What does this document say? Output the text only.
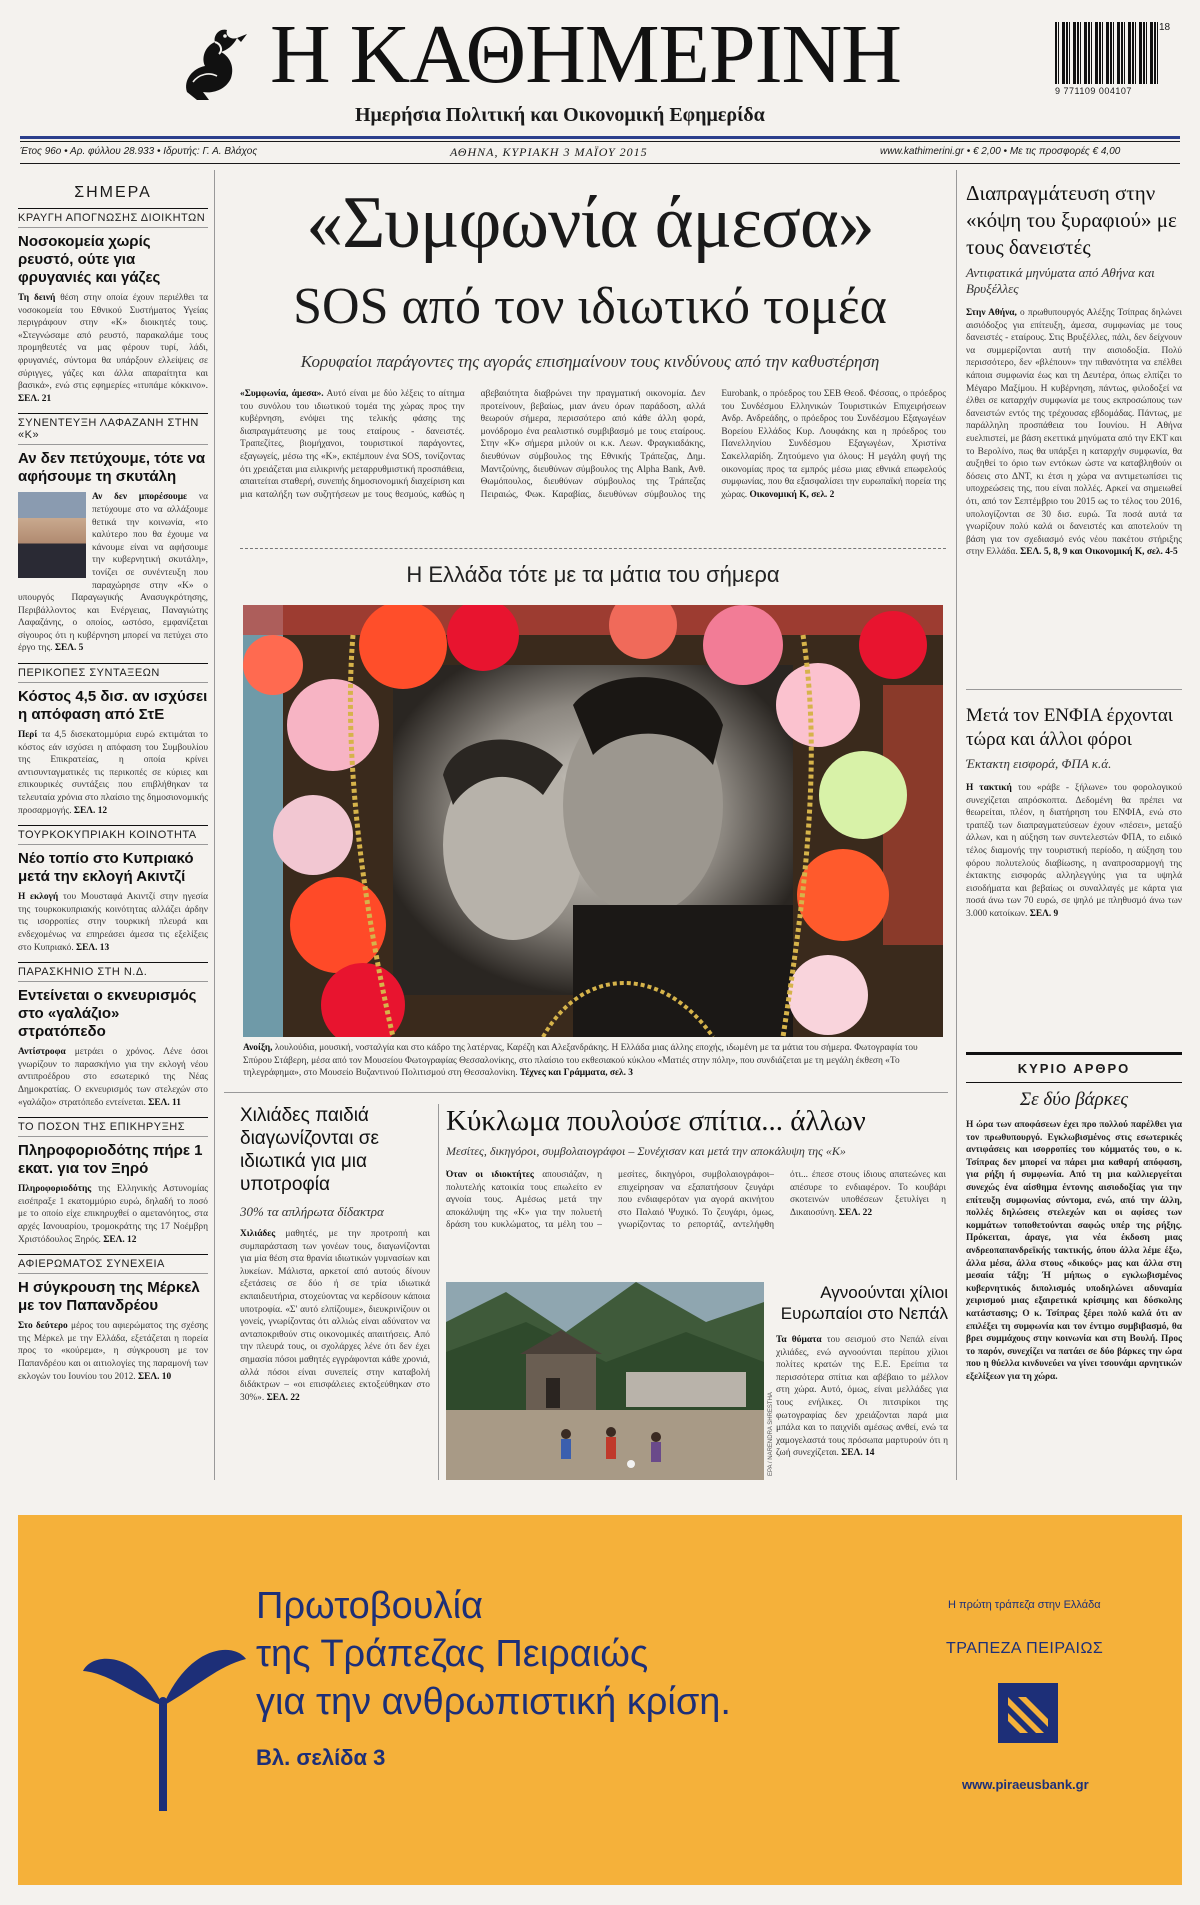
Η ΚΑΘΗΜΕΡΙΝΗ
Ημερήσια Πολιτική και Οικονομική Εφημερίδα
9 771109 004107
18
Έτος 96ο • Αρ. φύλλου 28.933 • Ιδρυτής: Γ. Α. Βλάχος	ΑΘΗΝΑ, ΚΥΡΙΑΚΗ 3 ΜΑΪΟΥ 2015	www.kathimerini.gr • € 2,00 • Με τις προσφορές € 4,00
ΣΗΜΕΡΑ
ΚΡΑΥΓΗ ΑΠΟΓΝΩΣΗΣ ΔΙΟΙΚΗΤΩΝ
Νοσοκομεία χωρίς ρευστό, ούτε για φρυγανιές και γάζες
Τη δεινή θέση στην οποία έχουν περιέλθει τα νοσοκομεία του Εθνικού Συστήματος Υγείας περιγράφουν στην «Κ» διοικητές τους. «Στεγνώσαμε από ρευστό, παρακαλάμε τους προμηθευτές να μας φέρουν τυρί, λάδι, φρυγανιές, σύντομα θα υπάρξουν ελλείψεις σε σύριγγες, γάζες και άλλα απαραίτητα και βασικά», ενώ στις εφημερίες «ιτυπάμε κόκκινο». ΣΕΛ. 21
ΣΥΝΕΝΤΕΥΞΗ ΛΑΦΑΖΑΝΗ ΣΤΗΝ «Κ»
Αν δεν πετύχουμε, τότε να αφήσουμε τη σκυτάλη
Αν δεν μπορέσουμε να πετύχουμε στο να αλλάξουμε θετικά την κοινωνία, «το καλύτερο που θα έχουμε να κάνουμε είναι να αφήσουμε την κυβερνητική σκυτάλη», τονίζει σε συνέντευξη που παραχώρησε στην «Κ» ο υπουργός Παραγωγικής Ανασυγκρότησης, Περιβάλλοντος και Ενέργειας, Παναγιώτης Λαφαζάνης, ο οποίος, ωστόσο, εμφανίζεται σίγουρος ότι η κυβέρνηση μπορεί να πετύχει στο έργο της. ΣΕΛ. 5
ΠΕΡΙΚΟΠΕΣ ΣΥΝΤΑΞΕΩΝ
Κόστος 4,5 δισ. αν ισχύσει η απόφαση από ΣτΕ
Περί τα 4,5 δισεκατομμύρια ευρώ εκτιμάται το κόστος εάν ισχύσει η απόφαση του Συμβουλίου της Επικρατείας, η οποία κρίνει αντισυνταγματικές τις περικοπές σε κύριες και επικουρικές συντάξεις που επιβλήθηκαν τα τελευταία χρόνια στο πλαίσιο της δημοσιονομικής προσαρμογής. ΣΕΛ. 12
ΤΟΥΡΚΟΚΥΠΡΙΑΚΗ ΚΟΙΝΟΤΗΤΑ
Νέο τοπίο στο Κυπριακό μετά την εκλογή Ακιντζί
Η εκλογή του Μουσταφά Ακιντζί στην ηγεσία της τουρκοκυπριακής κοινότητας αλλάζει άρδην τις ισορροπίες στην τουρκική πλευρά και ενδεχομένως να επηρεάσει άμεσα τις εξελίξεις στο Κυπριακό. ΣΕΛ. 13
ΠΑΡΑΣΚΗΝΙΟ ΣΤΗ Ν.Δ.
Εντείνεται ο εκνευρισμός στο «γαλάζιο» στρατόπεδο
Αντίστροφα μετράει ο χρόνος. Λένε όσοι γνωρίζουν το παρασκήνιο για την εκλογή νέου αντιπροέδρου στο εσωτερικό της Νέας Δημοκρατίας. Ο εκνευρισμός των στελεχών στο «γαλάζιο» στρατόπεδο εντείνεται. ΣΕΛ. 11
ΤΟ ΠΟΣΟΝ ΤΗΣ ΕΠΙΚΗΡΥΞΗΣ
Πληροφοριοδότης πήρε 1 εκατ. για τον Ξηρό
Πληροφοριοδότης της Ελληνικής Αστυνομίας εισέπραξε 1 εκατομμύριο ευρώ, δηλαδή το ποσό με το οποίο είχε επικηρυχθεί ο αμετανόητος, στα αρχές Ιανουαρίου, τρομοκράτης της 17 Νοέμβρη Χριστόδουλος Ξηρός. ΣΕΛ. 12
ΑΦΙΕΡΩΜΑΤΟΣ ΣΥΝΕΧΕΙΑ
Η σύγκρουση της Μέρκελ με τον Παπανδρέου
Στο δεύτερο μέρος του αφιερώματος της σχέσης της Μέρκελ με την Ελλάδα, εξετάζεται η πορεία προς το «κούρεμα», η σύγκρουση με τον Παπανδρέου και οι αιτιολογίες της παραμονή των εκλογών του Ιουνίου του 2012. ΣΕΛ. 10
«Συμφωνία άμεσα»
SOS από τον ιδιωτικό τομέα
Κορυφαίοι παράγοντες της αγοράς επισημαίνουν τους κινδύνους από την καθυστέρηση
«Συμφωνία, άμεσα». Αυτό είναι με δύο λέξεις το αίτημα του συνόλου του ιδιωτικού τομέα της χώρας προς την κυβέρνηση, ενόψει της τελικής φάσης της διαπραγμάτευσης με τους εταίρους - δανειστές. Τραπεζίτες, βιομήχανοι, τουριστικοί παράγοντες, εξαγωγείς, μέσω της «Κ», εκπέμπουν ένα SOS, τονίζοντας ότι χρειάζεται μια ειλικρινής μεταρρυθμιστική προσπάθεια, απαιτείται σταθερή, συνεπής δημοσιονομική διαχείριση και μια καταλήξη των συζητήσεων με τους θεσμούς, καθώς η αβεβαιότητα διαβρώνει την πραγματική οικονομία. Δεν προτείνουν, βεβαίως, μιαν άνευ όρων παράδοση, αλλά θεωρούν σήμερα, περισσότερο από κάθε άλλη φορά, μονόδρομο ένα ρεαλιστικό συμβιβασμό με τους εταίρους. Στην «Κ» σήμερα μιλούν οι κ.κ. Λεων. Φραγκιαδάκης, διευθύνων σύμβουλος της Εθνικής Τράπεζας, Δημ. Μαντζούνης, διευθύνων σύμβουλος της Alpha Bank, Ανθ. Θωμόπουλος, διευθύνων σύμβουλος της Τράπεζας Πειραιώς, Φωκ. Καραβίας, διευθύνων σύμβουλος της Eurobank, ο πρόεδρος του ΣΕΒ Θεοδ. Φέσσας, ο πρόεδρος του Συνδέσμου Ελληνικών Τουριστικών Επιχειρήσεων Ανδρ. Ανδρεάδης, ο πρόεδρος του Συνδέσμου Εξαγωγέων Βορείου Ελλάδος Κυρ. Λουφάκης και η πρόεδρος του Πανελληνίου Συνδέσμου Εξαγωγέων, Χριστίνα Σακελλαρίδη. Ζητούμενο για όλους: Η μεγάλη φυγή της οικονομίας προς τα εμπρός μέσω μιας εθνικά επωφελούς συμφωνίας, που θα εξασφαλίσει την ευρωπαϊκή πορεία της χώρας. Οικονομική Κ, σελ. 2
Η Ελλάδα τότε με τα μάτια του σήμερα
Ανοίξη, λουλούδια, μουσική, νοσταλγία και στο κάδρο της λατέρνας, Καρέζη και Αλεξανδράκης. Η Ελλάδα μιας άλλης εποχής, ιδωμένη με τα μάτια του σήμερα. Φωτογραφία του Σπύρου Στάβερη, μέσα από τον Μουσείου Φωτογραφίας Θεσσαλονίκης, στο πλαίσιο του εκθεσιακού κύκλου «Ματιές στην πόλη», που συνδιάζεται με τη μεγάλη έκθεση «Το τηλεγράφημα», στο Μουσείο Βυζαντινού Πολιτισμού στη Θεσσαλονίκη. Τέχνες και Γράμματα, σελ. 3
Διαπραγμάτευση στην «κόψη του ξυραφιού» με τους δανειστές
Αντιφατικά μηνύματα από Αθήνα και Βρυξέλλες
Στην Αθήνα, ο πρωθυπουργός Αλέξης Τσίπρας δηλώνει αισιόδοξος για επίτευξη, άμεσα, συμφωνίας με τους δανειστές - εταίρους. Στις Βρυξέλλες, πάλι, δεν δείχνουν να συμμερίζονται αυτή την αισιοδοξία. Πολύ περισσότερο, δεν «βλέπουν» την πιθανότητα να επέλθει κάποια συμφωνία έως και τη Δευτέρα, όπως ελπίζει το Μέγαρο Μαξίμου. Η κυβέρνηση, πάντως, φιλοδοξεί να έλθει σε καταρχήν συμφωνία με τους εκπροσώπους των δανειστών εντός της τρέχουσας εβδομάδας. Πάντως, με παράλληλη προσπάθεια του Ιουνίου. Η Αθήνα ευελπιστεί, με βάση εκεττικά μηνύματα από την ΕΚΤ και το Βερολίνο, πως θα υπάρξει η καταρχήν συμφωνία, θα αυξηθεί το όριο των εντόκων ώστε να καταβληθούν οι δόσεις στο ΔΝΤ, κι έτσι η χώρα να αντιμετωπίσει τις υποχρεώσεις της, που είναι πολλές. Αρκεί να σημειωθεί ότι, από τον Σεπτέμβριο του 2015 ως το τέλος του 2016, υπολογίζονται σε 30 δισ. ευρώ. Τα ποσά αυτά τα γνωρίζουν πολύ καλά οι δανειστές και αποτελούν τη βάση για τον σχεδιασμό ενός νέου πακέτου στήριξης στην Ελλάδα. ΣΕΛ. 5, 8, 9 και Οικονομική Κ, σελ. 4-5
Μετά τον ΕΝΦΙΑ έρχονται τώρα και άλλοι φόροι
Έκτακτη εισφορά, ΦΠΑ κ.ά.
Η τακτική του «ράβε - ξήλωνε» του φορολογικού συνεχίζεται απρόσκοπτα. Δεδομένη θα πρέπει να θεωρείται, πλέον, η διατήρηση του ΕΝΦΙΑ, ενώ στο τραπέζι των διαπραγματεύσεων έχουν «πέσει», μεταξύ άλλων, και η αύξηση των συντελεστών ΦΠΑ, το ειδικό τέλος διαμονής την τουριστική περίοδο, η αύξηση του φόρου πολυτελούς διαβίωσης, η αναπροσαρμογή της έκτακτης εισφοράς αλληλεγγύης για τα υψηλά εισοδήματα και βεβαίως οι συναλλαγές με κάρτα για ποσά άνω των 70 ευρώ, σε ψηλό με πληθυσμό άνω των 3.000 κατοίκων. ΣΕΛ. 9
ΚΥΡΙΟ ΑΡΘΡΟ
Σε δύο βάρκες
Η ώρα των αποφάσεων έχει προ πολλού παρέλθει για τον πρωθυπουργό. Εγκλωβισμένος στις εσωτερικές αντιφάσεις και ισορροπίες του κόμματός του, ο κ. Τσίπρας δεν μπορεί να πάρει μια καθαρή απόφαση, για ρήξη ή συμφωνία. Από τη μια καλλιεργείται συνεχώς ένα αίσθημα έντονης αισιοδοξίας για την επίτευξη συμφωνίας σύντομα, ενώ, από την άλλη, πολλές δηλώσεις στελεχών και οι αφίσες των κομμάτων τοποθετούνται σαφώς υπέρ της ρήξης. Πρόκειται, άραγε, για νέα έκδοση μιας ανδρεοπαπανδρεϊκής τακτικής, όπου άλλα λέμε έξω, άλλα μέσα, άλλα στους «δικούς» μας και άλλα στη μεσαία τάξη; Ή μήπως ο εγκλωβισμένος κυβερνητικός διπολισμός υποδηλώνει αδυναμία χειρισμού μιας εξαιρετικά κρίσιμης και δύσκολης κατάστασης; Ο κ. Τσίπρας ξέρει πολύ καλά ότι αν επιλέξει τη συμφωνία και τον έντιμο συμβιβασμό, θα βρει συμμάχους στην κοινωνία και στη Βουλή. Προς το παρόν, συνεχίζει να πατάει σε δύο βάρκες την ώρα που η θύελλα κινδυνεύει να γίνει τσουνάμι αρνητικών εξελίξεων για τη χώρα.
Χιλιάδες παιδιά διαγωνίζονται σε ιδιωτικά για μια υποτροφία
30% τα απλήρωτα δίδακτρα
Χιλιάδες μαθητές, με την προτροπή και συμπαράσταση των γονέων τους, διαγωνίζονται για μία θέση στα θρανία ιδιωτικών γυμνασίων και λυκείων. Μάλιστα, αρκετοί από αυτούς δίνουν εξετάσεις σε δύο ή σε τρία ιδιωτικά εκπαιδευτήρια, στοχεύοντας να κερδίσουν κάποια υποτροφία. «Σ' αυτό ελπίζουμε», διευκρινίζουν οι γονείς, γνωρίζοντας ότι αλλιώς είναι αδύνατον να ανταποκριθούν στις οικονομικές απαιτήσεις. Από την πλευρά τους, οι σχολάρχες λένε ότι δεν έχει σημασία πόσοι μαθητές εγγράφονται κάθε χρονιά, αλλά πόσοι είναι συνεπείς στην καταβολή διδάκτρων – «οι επισφάλειες εκτοξεύθηκαν στο 30%». ΣΕΛ. 22
Κύκλωμα πουλούσε σπίτια... άλλων
Μεσίτες, δικηγόροι, συμβολαιογράφοι – Συνέχισαν και μετά την αποκάλυψη της «Κ»
Όταν οι ιδιοκτήτες απουσιάζαν, η πολυτελής κατοικία τους επωλείτο εν αγνοία τους. Αμέσως μετά την αποκάλυψη της «Κ» για την πολυετή δράση του κυκλώματος, τα μέλη του –μεσίτες, δικηγόροι, συμβολαιογράφοι– επιχείρησαν να εξαπατήσουν ζευγάρι που ενδιαφερόταν για αγορά ακινήτου στο Παλαιό Ψυχικό. Το ζευγάρι, όμως, γνωρίζοντας το ρεπορτάζ, αντελήφθη ότι... έπεσε στους ίδιους απατεώνες και απέσυρε το ενδιαφέρον. Το κουβάρι σκοτεινών υποθέσεων ξετυλίγει η Δικαιοσύνη. ΣΕΛ. 22
EPA / NARENDRA SHRESTHA
Αγνοούνται χίλιοι Ευρωπαίοι στο Νεπάλ
Τα θύματα του σεισμού στο Νεπάλ είναι χιλιάδες, ενώ αγνοούνται περίπου χίλιοι πολίτες κρατών της Ε.Ε. Ερείπια τα περισσότερα σπίτια και αβέβαιο το μέλλον στη χώρα. Αυτό, όμως, είναι μελλάδες για τους ενήλικες. Οι πιτσιρίκοι της φωτογραφίας δεν χρειάζονται παρά μια μπάλα και το παιχνίδι αμέσως ανθεί, ενώ τα χαμογελαστά τους πρόσωπα μαρτυρούν ότι η ζωή συνεχίζεται. ΣΕΛ. 14
Πρωτοβουλία
της Τράπεζας Πειραιώς
για την ανθρωπιστική κρίση.
Βλ. σελίδα 3
Η πρώτη τράπεζα στην Ελλάδα
ΤΡΑΠΕΖΑ ΠΕΙΡΑΙΩΣ
www.piraeusbank.gr
